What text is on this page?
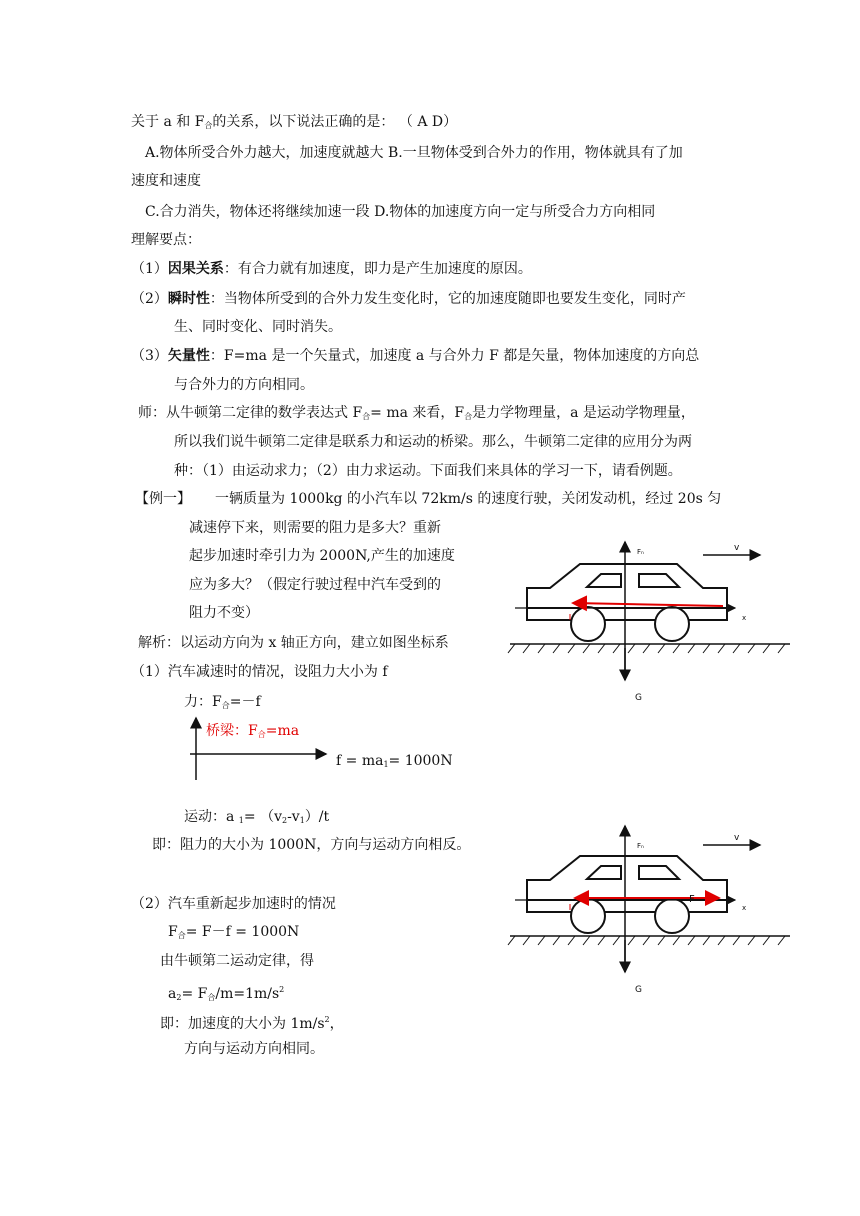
关于 a 和 $F_合$的关系，以下说法正确的是： （ A D）
A.物体所受合外力越大，加速度就越大 B.一旦物体受到合外力的作用，物体就具有了加
速度和速度
C.合力消失，物体还将继续加速一段 D.物体的加速度方向一定与所受合力方向相同
理解要点：
（1）因果关系：有合力就有加速度，即力是产生加速度的原因。
（2）瞬时性：当物体所受到的合外力发生变化时，它的加速度随即也要发生变化，同时产
生、同时变化、同时消失。
（3）矢量性：F=ma 是一个矢量式，加速度 a 与合外力 F 都是矢量，物体加速度的方向总
与合外力的方向相同。
师：从牛顿第二定律的数学表达式 $F_合=$ ma 来看，$F_合$是力学物理量，a 是运动学物理量，
所以我们说牛顿第二定律是联系力和运动的桥梁。那么，牛顿第二定律的应用分为两
种：（1）由运动求力；（2）由力求运动。下面我们来具体的学习一下，请看例题。
【例一】 一辆质量为 1000kg 的小汽车以 72km/s 的速度行驶，关闭发动机，经过 20s 匀
减速停下来，则需要的阻力是多大？重新
起步加速时牵引力为 2000N,产生的加速度
应为多大？（假定行驶过程中汽车受到的
阻力不变）
解析：以运动方向为 x 轴正方向，建立如图坐标系
（1）汽车减速时的情况，设阻力大小为 f
力：$F_合=-f$
桥梁：$F_合=ma$
$f = ma_1= 1000N$
运动：a $_1= (v_2-v_1)/t$
即：阻力的大小为 1000N，方向与运动方向相反。
（2）汽车重新起步加速时的情况
$F_合= F-f = 1000N$
由牛顿第二运动定律，得
$a_2= F_合/m=1m/s^2$
即：加速度的大小为 $1m/s^2$，
方向与运动方向相同。
Fₙ
G
v
x
Fₙ
G
v
x
F
